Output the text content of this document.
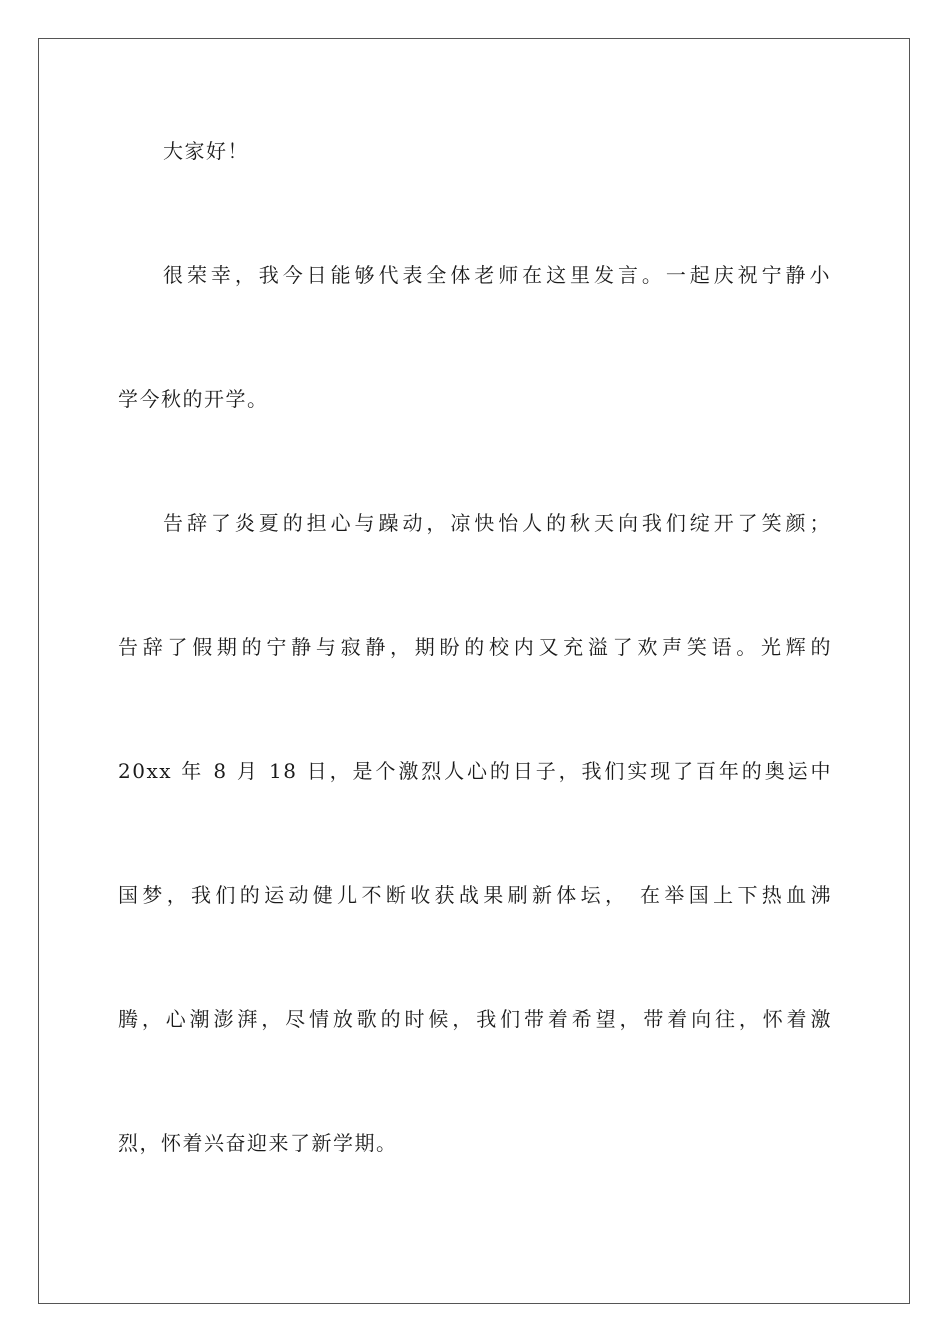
大家好！
很荣幸，我今日能够代表全体老师在这里发言。一起庆祝宁静小
学今秋的开学。
告辞了炎夏的担心与躁动，凉快怡人的秋天向我们绽开了笑颜；
告辞了假期的宁静与寂静，期盼的校内又充溢了欢声笑语。光辉的
20xx 年 8 月 18 日，是个激烈人心的日子，我们实现了百年的奥运中
国梦，我们的运动健儿不断收获战果刷新体坛， 在举国上下热血沸
腾，心潮澎湃，尽情放歌的时候，我们带着希望，带着向往，怀着激
烈，怀着兴奋迎来了新学期。
